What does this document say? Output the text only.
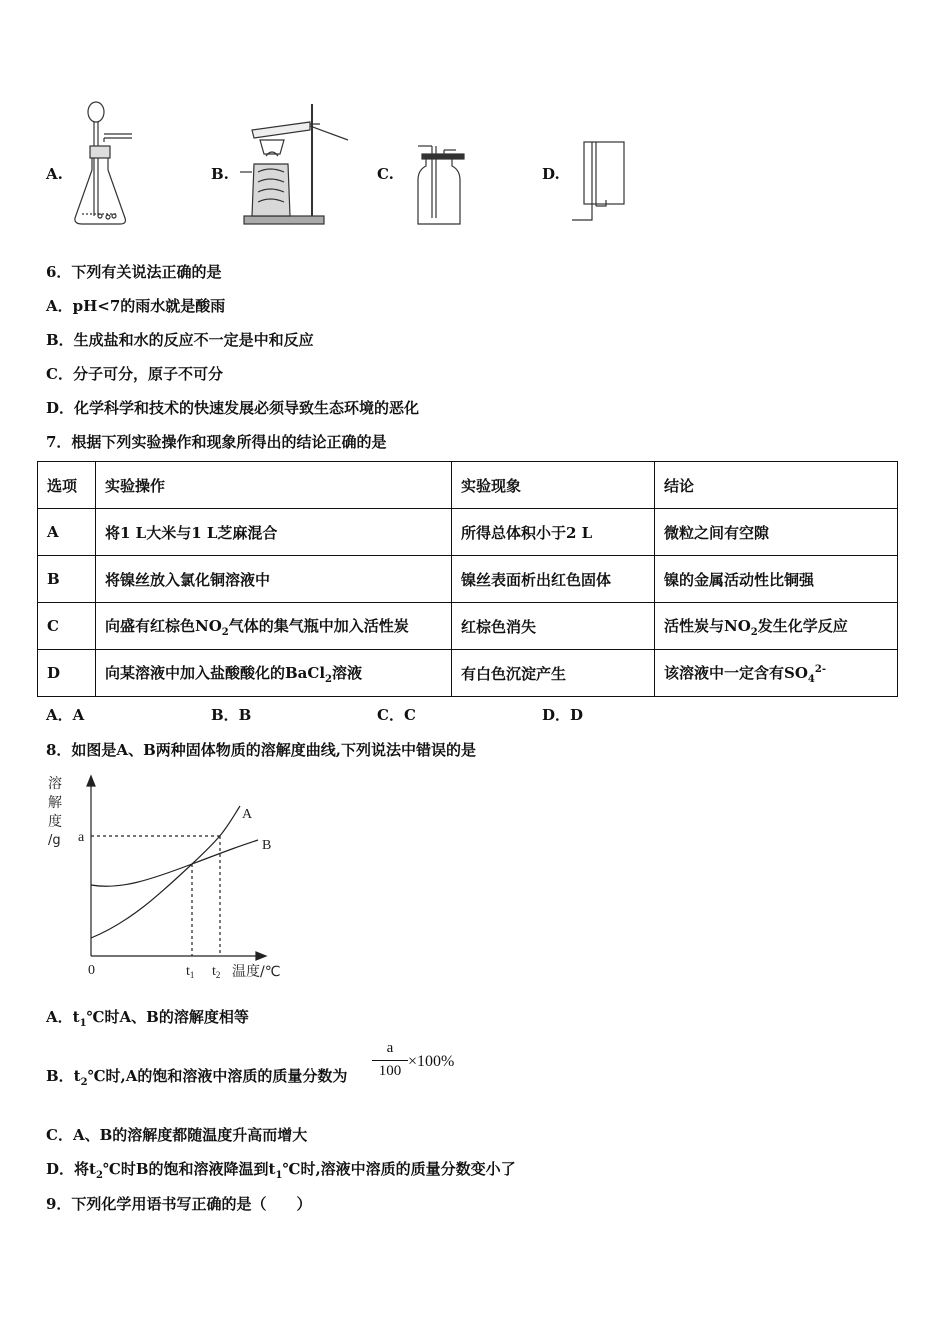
A.	B.	C.	D.
6．下列有关说法正确的是
A．pH<7的雨水就是酸雨
B．生成盐和水的反应不一定是中和反应
C．分子可分，原子不可分
D．化学科学和技术的快速发展必须导致生态环境的恶化
7．根据下列实验操作和现象所得出的结论正确的是
选项	实验操作	实验现象	结论
A	将1 L大米与1 L芝麻混合	所得总体积小于2 L	微粒之间有空隙
B	将镍丝放入氯化铜溶液中	镍丝表面析出红色固体	镍的金属活动性比铜强
C	向盛有红棕色$NO_2$气体的集气瓶中加入活性炭	红棕色消失	活性炭与$NO_2$发生化学反应
D	向某溶液中加入盐酸酸化的BaCl$_2$溶液	有白色沉淀产生	该溶液中一定含有$SO_4^{2-}$
A．A	B．B	C．C	D．D
8．如图是A、B两种固体物质的溶解度曲线,下列说法中错误的是
溶
解
度
/g a
0	$t_1$ $t_2$
A
B
温度/℃
A．$t_1℃$时A、B的溶解度相等
B．$t_2℃$时,A的饱和溶液中溶质的质量分数为 $\frac{a}{100} \times 100\%$
C．A、B的溶解度都随温度升高而增大
D．将$t_2℃$时B的饱和溶液降温到$t_1℃$时,溶液中溶质的质量分数变小了
9．下列化学用语书写正确的是（　　）
